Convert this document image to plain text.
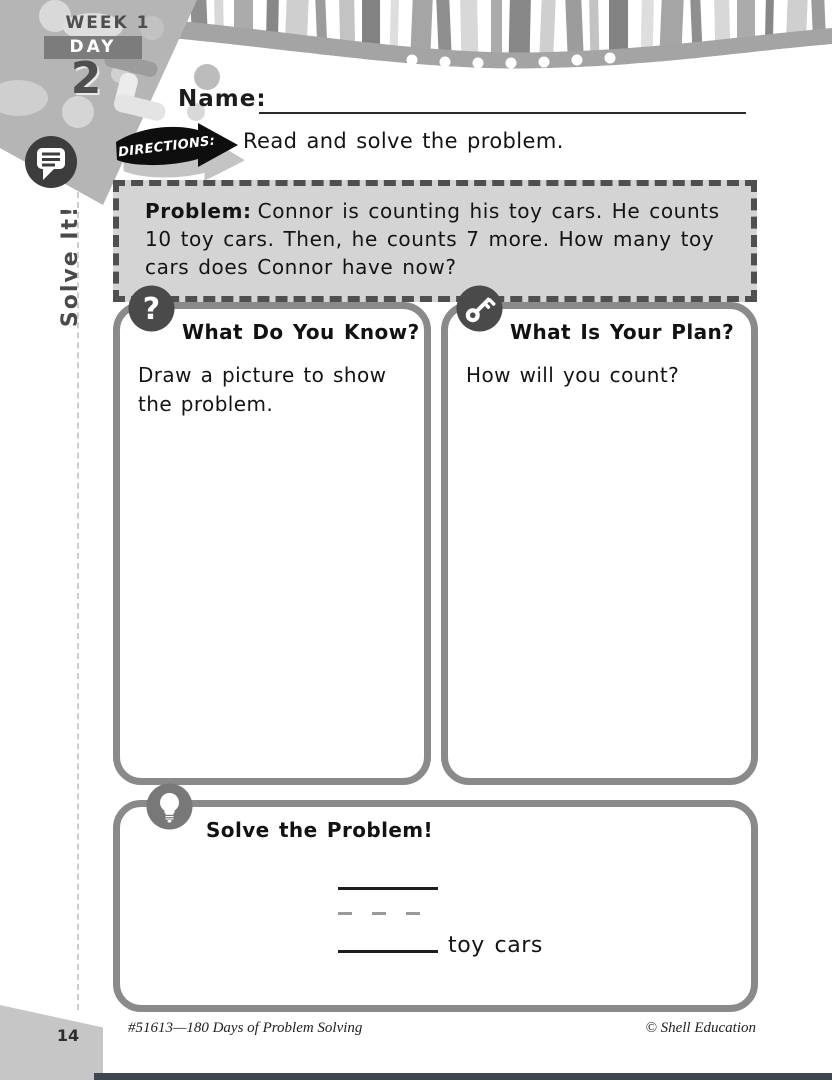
WEEK 1
DAY
2
Solve It!
Name:
DIRECTIONS: Read and solve the problem.

Problem: Connor is counting his toy cars. He counts 10 toy cars. Then, he counts 7 more. How many toy cars does Connor have now?

?
What Do You Know?
Draw a picture to show the problem.
What Is Your Plan?
How will you count?
Solve the Problem!
toy cars
14	#51613—180 Days of Problem Solving	© Shell Education
